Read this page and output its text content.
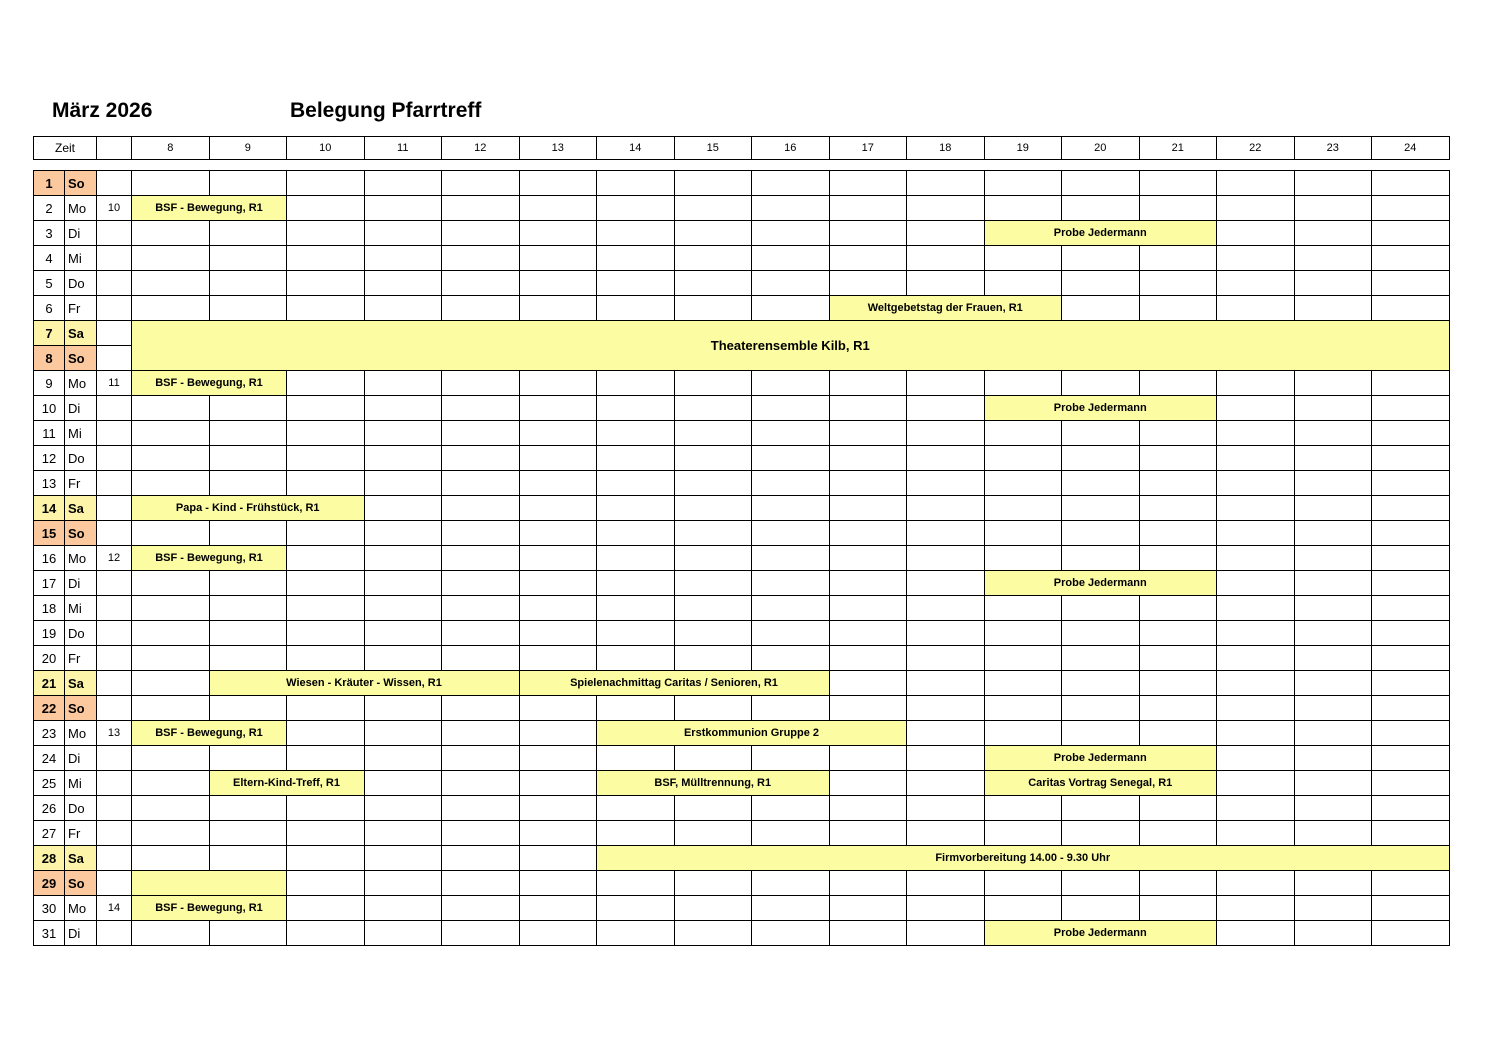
März 2026	Belegung Pfarrtreff
Zeit		8	9	10	11	12	13	14	15	16	17	18	19	20	21	22	23	24
1	So																		
2	Mo	10	BSF - Bewegung, R1																
3	Di													Probe Jedermann					
4	Mi																		
5	Do																		
6	Fr											Weltgebetstag der Frauen, R1							
7	Sa		Theaterensemble Kilb, R1																
8	So																		
9	Mo	11	BSF - Bewegung, R1																
10	Di													Probe Jedermann					
11	Mi																		
12	Do																		
13	Fr																		
14	Sa		Papa - Kind - Frühstück, R1																
15	So																		
16	Mo	12	BSF - Bewegung, R1																
17	Di													Probe Jedermann					
18	Mi																		
19	Do																		
20	Fr																		
21	Sa			Wiesen - Kräuter - Wissen, R1				Spielenachmittag Caritas / Senioren, R1											
22	So																		
23	Mo	13	BSF - Bewegung, R1						Erstkommunion Gruppe 2										
24	Di													Probe Jedermann					
25	Mi			Eltern-Kind-Treff, R1					BSF, Mülltrennung, R1					Caritas Vortrag Senegal, R1					
26	Do																		
27	Fr																		
28	Sa								Firmvorbereitung 14.00 - 9.30 Uhr										
29	So																		
30	Mo	14	BSF - Bewegung, R1																
31	Di													Probe Jedermann					
